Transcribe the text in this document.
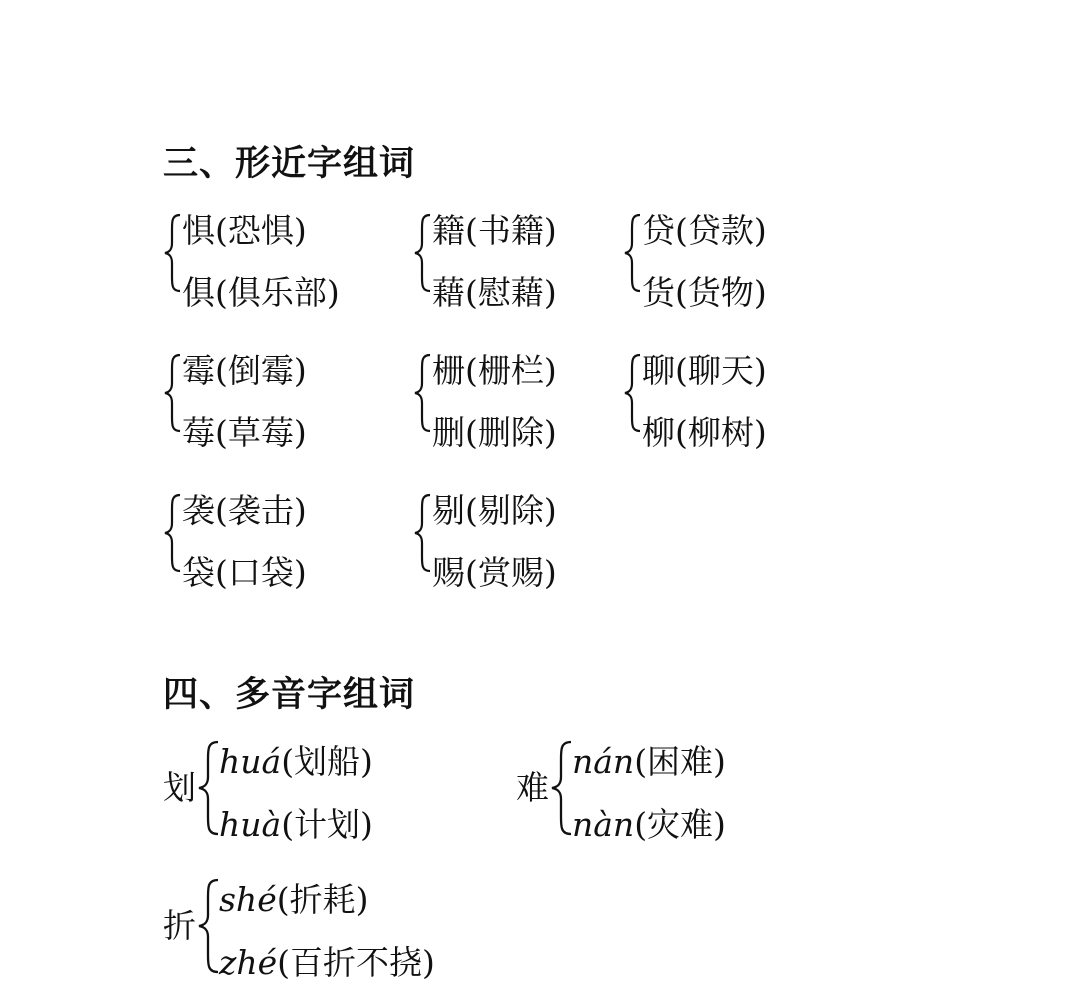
三、形近字组词
惧(恐惧)
俱(俱乐部)
籍(书籍)
藉(慰藉)
贷(贷款)
货(货物)
霉(倒霉)
莓(草莓)
栅(栅栏)
删(删除)
聊(聊天)
柳(柳树)
袭(袭击)
袋(口袋)
剔(剔除)
赐(赏赐)
四、多音字组词
划
huá(划船)
huà(计划)
难
nán(困难)
nàn(灾难)
折
shé(折耗)
zhé(百折不挠)
